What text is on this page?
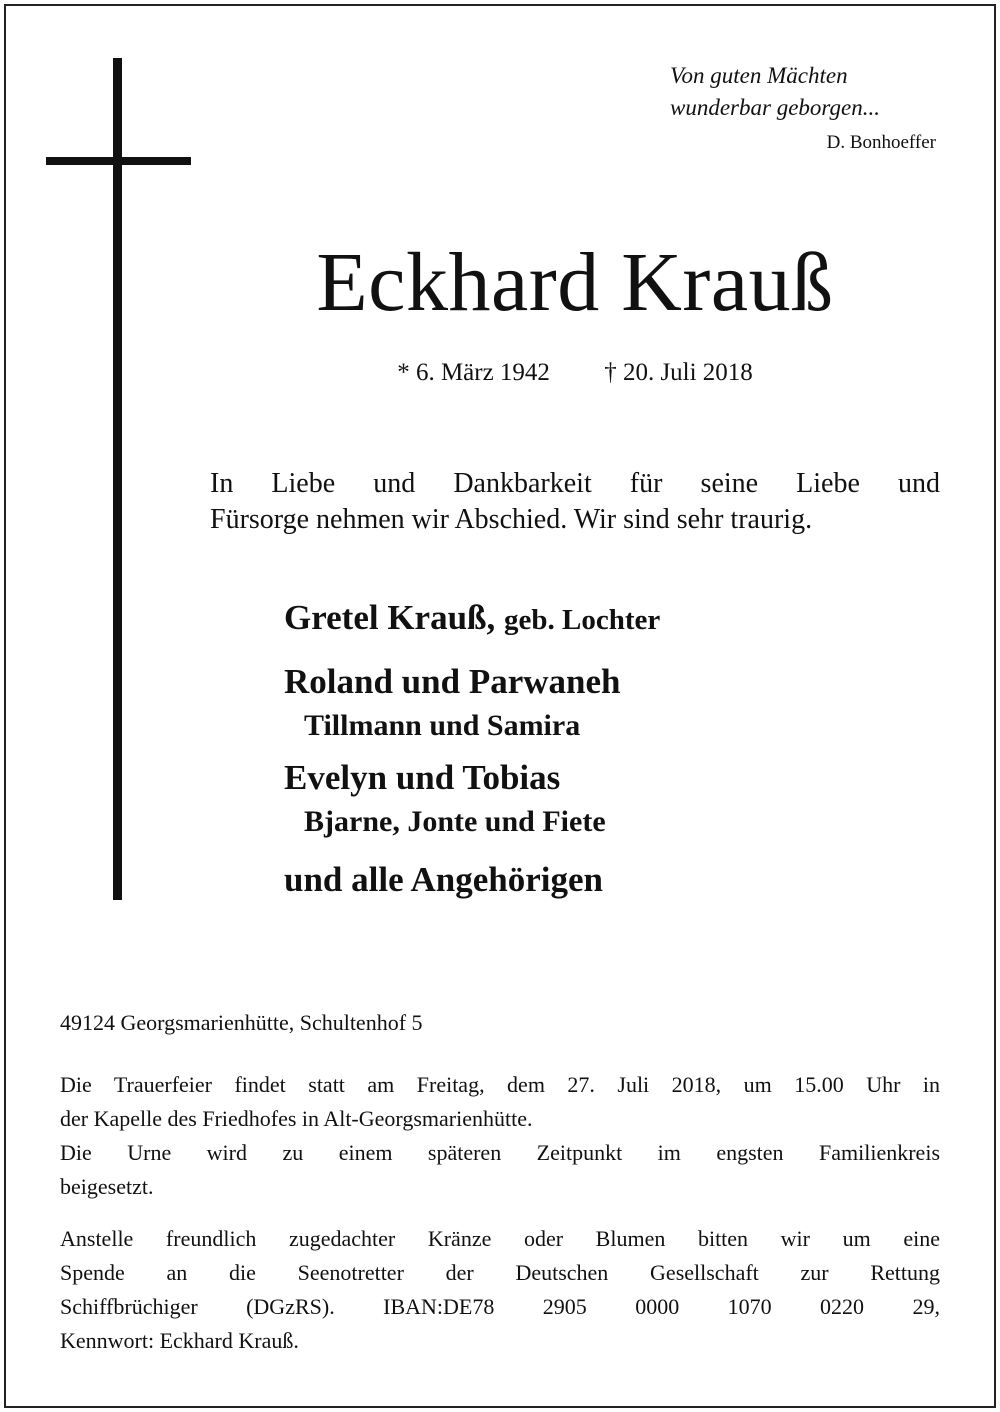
Von guten Mächten
wunderbar geborgen...
D. Bonhoeffer
Eckhard Krauß
* 6. März 1942 † 20. Juli 2018
In Liebe und Dankbarkeit für seine Liebe und
Fürsorge nehmen wir Abschied. Wir sind sehr traurig.
Gretel Krauß, geb. Lochter
Roland und Parwaneh
Tillmann und Samira
Evelyn und Tobias
Bjarne, Jonte und Fiete
und alle Angehörigen
49124 Georgsmarienhütte, Schultenhof 5
Die Trauerfeier findet statt am Freitag, dem 27. Juli 2018, um 15.00 Uhr in
der Kapelle des Friedhofes in Alt-Georgsmarienhütte.
Die Urne wird zu einem späteren Zeitpunkt im engsten Familienkreis
beigesetzt.
Anstelle freundlich zugedachter Kränze oder Blumen bitten wir um eine
Spende an die Seenotretter der Deutschen Gesellschaft zur Rettung
Schiffbrüchiger (DGzRS). IBAN:DE78 2905 0000 1070 0220 29,
Kennwort: Eckhard Krauß.
